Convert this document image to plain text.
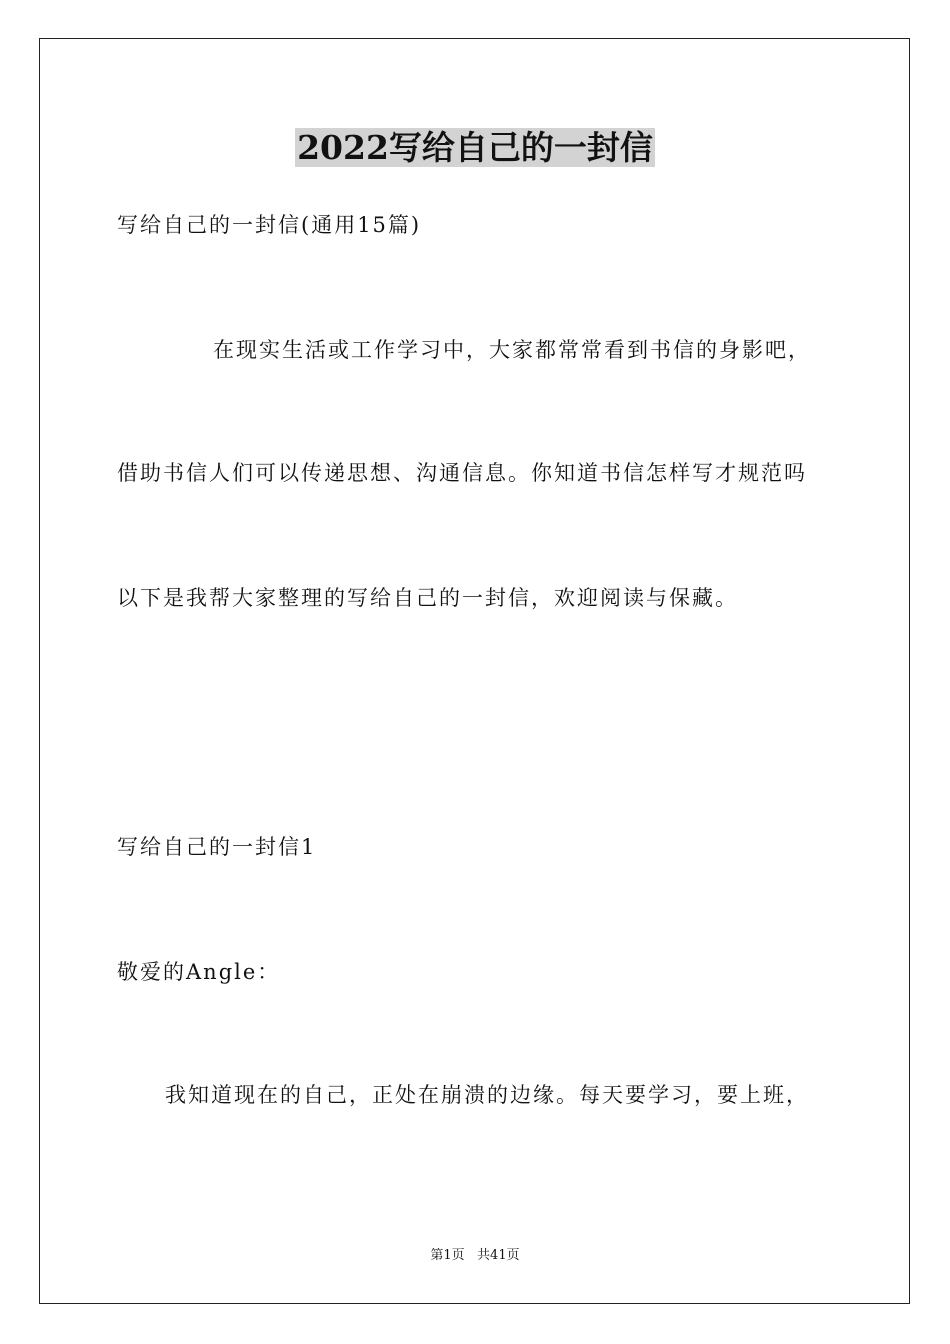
2022写给自己的一封信
写给自己的一封信(通用15篇)
在现实生活或工作学习中，大家都常常看到书信的身影吧，
借助书信人们可以传递思想、沟通信息。你知道书信怎样写才规范吗
以下是我帮大家整理的写给自己的一封信，欢迎阅读与保藏。
写给自己的一封信1
敬爱的Angle：
我知道现在的自己，正处在崩溃的边缘。每天要学习，要上班，
第1页   共41页
